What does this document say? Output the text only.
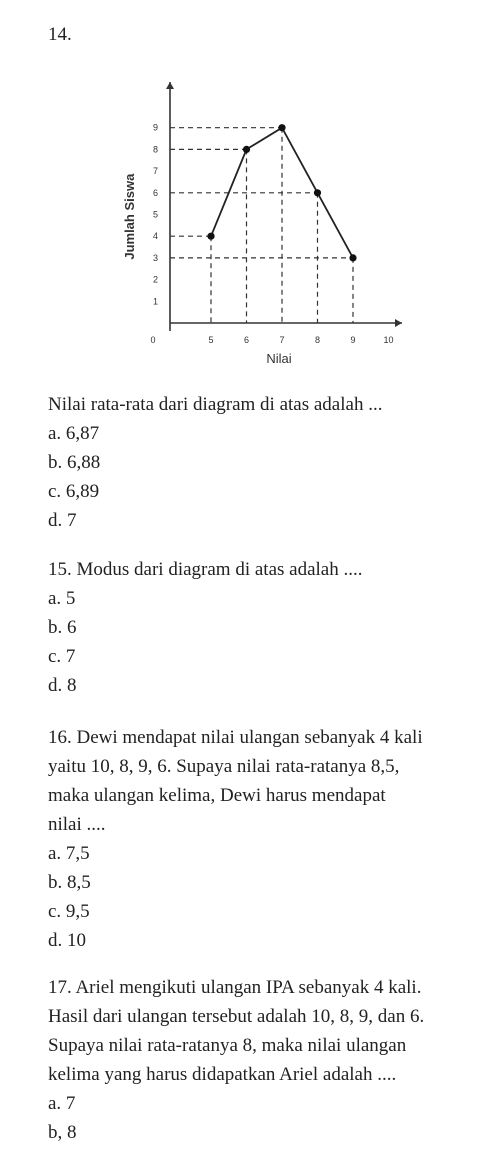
14.
1
2
3
4
5
6
7
8
9
0	5	6	7	8	9	10
Nilai
Jumlah Siswa
Nilai rata-rata dari diagram di atas adalah ...
a. 6,87
b. 6,88
c. 6,89
d. 7
15. Modus dari diagram di atas adalah ....
a. 5
b. 6
c. 7
d. 8
16. Dewi mendapat nilai ulangan sebanyak 4 kali
yaitu 10, 8, 9, 6. Supaya nilai rata-ratanya 8,5,
maka ulangan kelima, Dewi harus mendapat
nilai ....
a. 7,5
b. 8,5
c. 9,5
d. 10
17. Ariel mengikuti ulangan IPA sebanyak 4 kali.
Hasil dari ulangan tersebut adalah 10, 8, 9, dan 6.
Supaya nilai rata-ratanya 8, maka nilai ulangan
kelima yang harus didapatkan Ariel adalah ....
a. 7
b, 8
